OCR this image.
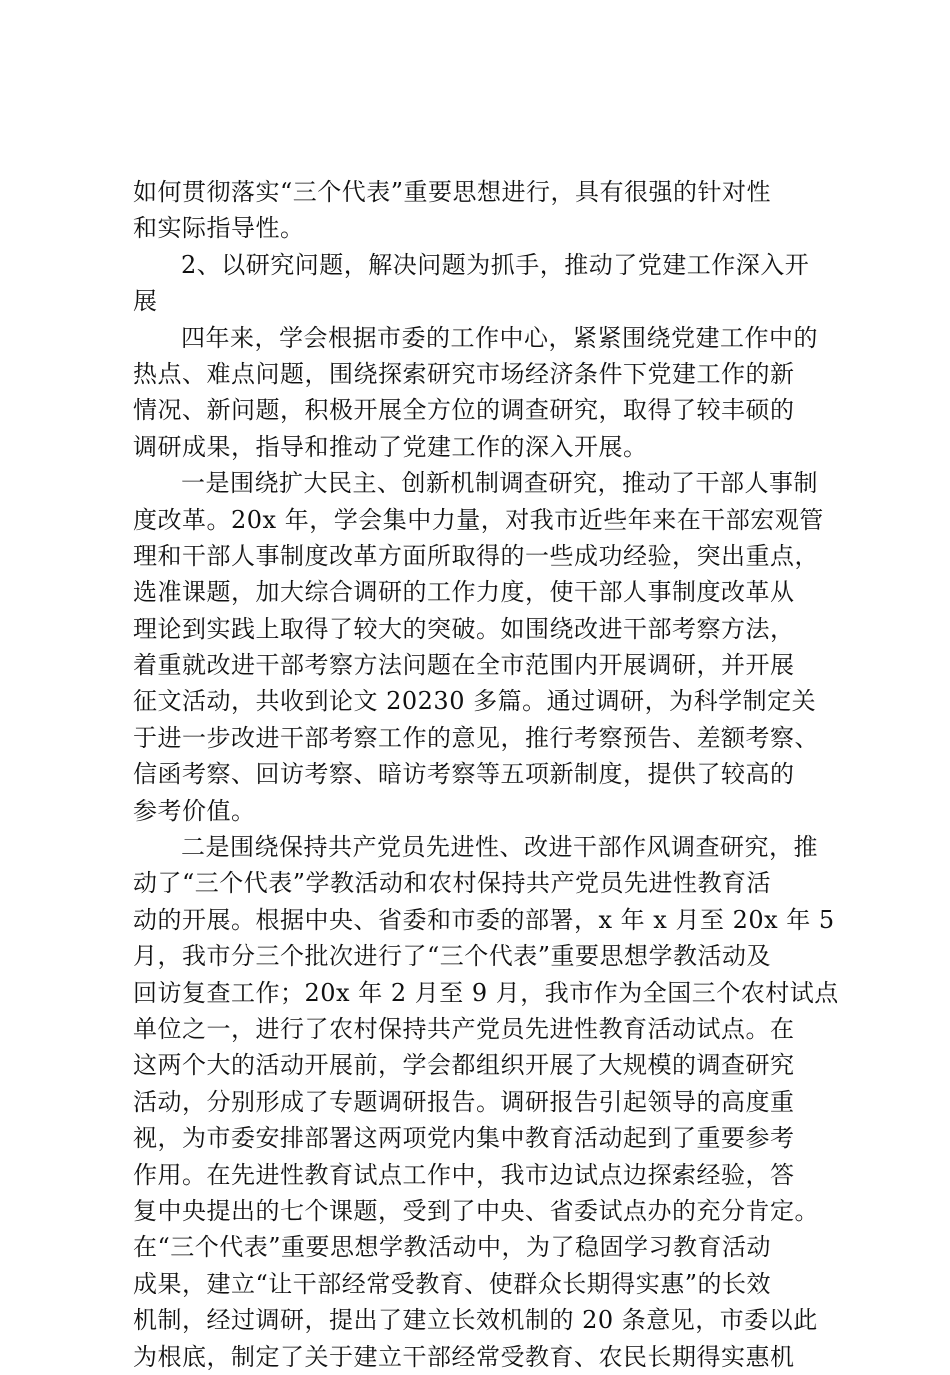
如何贯彻落实“三个代表”重要思想进行，具有很强的针对性
和实际指导性。
2、以研究问题，解决问题为抓手，推动了党建工作深入开
展
四年来，学会根据市委的工作中心，紧紧围绕党建工作中的
热点、难点问题，围绕探索研究市场经济条件下党建工作的新
情况、新问题，积极开展全方位的调查研究，取得了较丰硕的
调研成果，指导和推动了党建工作的深入开展。
一是围绕扩大民主、创新机制调查研究，推动了干部人事制
度改革。20x 年，学会集中力量，对我市近些年来在干部宏观管
理和干部人事制度改革方面所取得的一些成功经验，突出重点，
选准课题，加大综合调研的工作力度，使干部人事制度改革从
理论到实践上取得了较大的突破。如围绕改进干部考察方法，
着重就改进干部考察方法问题在全市范围内开展调研，并开展
征文活动，共收到论文 20230 多篇。通过调研，为科学制定关
于进一步改进干部考察工作的意见，推行考察预告、差额考察、
信函考察、回访考察、暗访考察等五项新制度，提供了较高的
参考价值。
二是围绕保持共产党员先进性、改进干部作风调查研究，推
动了“三个代表”学教活动和农村保持共产党员先进性教育活
动的开展。根据中央、省委和市委的部署，x 年 x 月至 20x 年 5
月，我市分三个批次进行了“三个代表”重要思想学教活动及
回访复查工作；20x 年 2 月至 9 月，我市作为全国三个农村试点
单位之一，进行了农村保持共产党员先进性教育活动试点。在
这两个大的活动开展前，学会都组织开展了大规模的调查研究
活动，分别形成了专题调研报告。调研报告引起领导的高度重
视，为市委安排部署这两项党内集中教育活动起到了重要参考
作用。在先进性教育试点工作中，我市边试点边探索经验，答
复中央提出的七个课题，受到了中央、省委试点办的充分肯定。
在“三个代表”重要思想学教活动中，为了稳固学习教育活动
成果，建立“让干部经常受教育、使群众长期得实惠”的长效
机制，经过调研，提出了建立长效机制的 20 条意见，市委以此
为根底，制定了关于建立干部经常受教育、农民长期得实惠机
